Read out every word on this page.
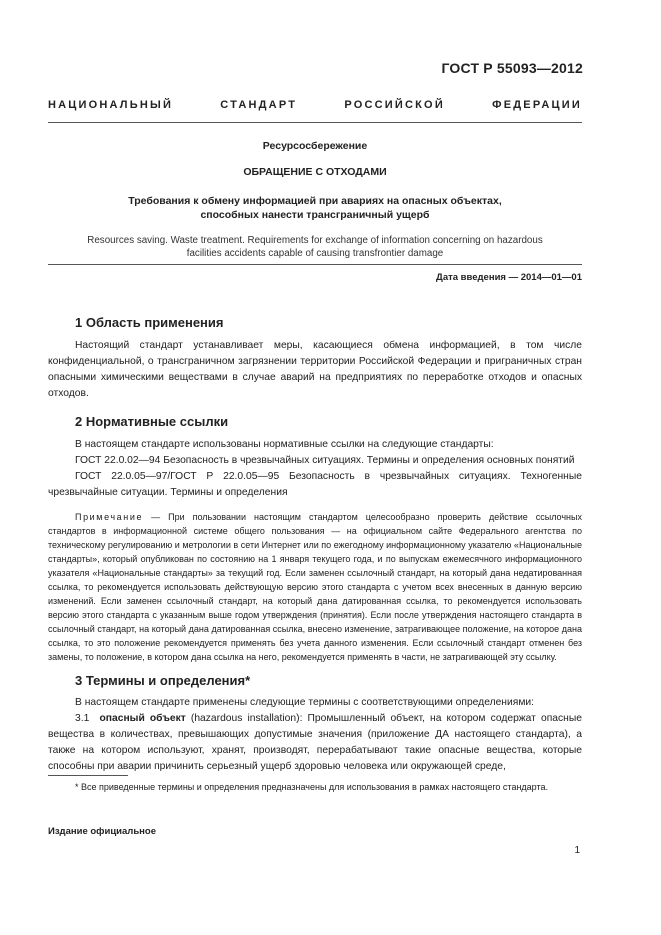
ГОСТ Р 55093—2012
НАЦИОНАЛЬНЫЙ СТАНДАРТ РОССИЙСКОЙ ФЕДЕРАЦИИ
Ресурсосбережение
ОБРАЩЕНИЕ С ОТХОДАМИ
Требования к обмену информацией при авариях на опасных объектах,
способных нанести трансграничный ущерб
Resources saving. Waste treatment. Requirements for exchange of information concerning on hazardous
facilities accidents capable of causing transfrontier damage
Дата введения — 2014—01—01
1 Область применения

Настоящий стандарт устанавливает меры, касающиеся обмена информацией, в том числе конфиденциальной, о трансграничном загрязнении территории Российской Федерации и приграничных стран опасными химическими веществами в случае аварий на предприятиях по переработке отходов и опасных отходов.

2 Нормативные ссылки

В настоящем стандарте использованы нормативные ссылки на следующие стандарты:

ГОСТ 22.0.02—94 Безопасность в чрезвычайных ситуациях. Термины и определения основных понятий

ГОСТ 22.0.05—97/ГОСТ Р 22.0.05—95 Безопасность в чрезвычайных ситуациях. Техногенные чрезвычайные ситуации. Термины и определения

Примечание — При пользовании настоящим стандартом целесообразно проверить действие ссылочных стандартов в информационной системе общего пользования — на официальном сайте Федерального агентства по техническому регулированию и метрологии в сети Интернет или по ежегодному информационному указателю «Национальные стандарты», который опубликован по состоянию на 1 января текущего года, и по выпускам ежемесячного информационного указателя «Национальные стандарты» за текущий год. Если заменен ссылочный стандарт, на который дана недатированная ссылка, то рекомендуется использовать действующую версию этого стандарта с учетом всех внесенных в данную версию изменений. Если заменен ссылочный стандарт, на который дана датированная ссылка, то рекомендуется использовать версию этого стандарта с указанным выше годом утверждения (принятия). Если после утверждения настоящего стандарта в ссылочный стандарт, на который дана датированная ссылка, внесено изменение, затрагивающее положение, на которое дана ссылка, то это положение рекомендуется применять без учета данного изменения. Если ссылочный стандарт отменен без замены, то положение, в котором дана ссылка на него, рекомендуется применять в части, не затрагивающей эту ссылку.

3 Термины и определения*

В настоящем стандарте применены следующие термины с соответствующими определениями:

3.1 опасный объект (hazardous installation): Промышленный объект, на котором содержат опасные вещества в количествах, превышающих допустимые значения (приложение ДА настоящего стандарта), а также на котором используют, хранят, производят, перерабатывают такие опасные вещества, которые способны при аварии причинить серьезный ущерб здоровью человека или окружающей среде,

* Все приведенные термины и определения предназначены для использования в рамках настоящего стандарта.

Издание официальное
1
